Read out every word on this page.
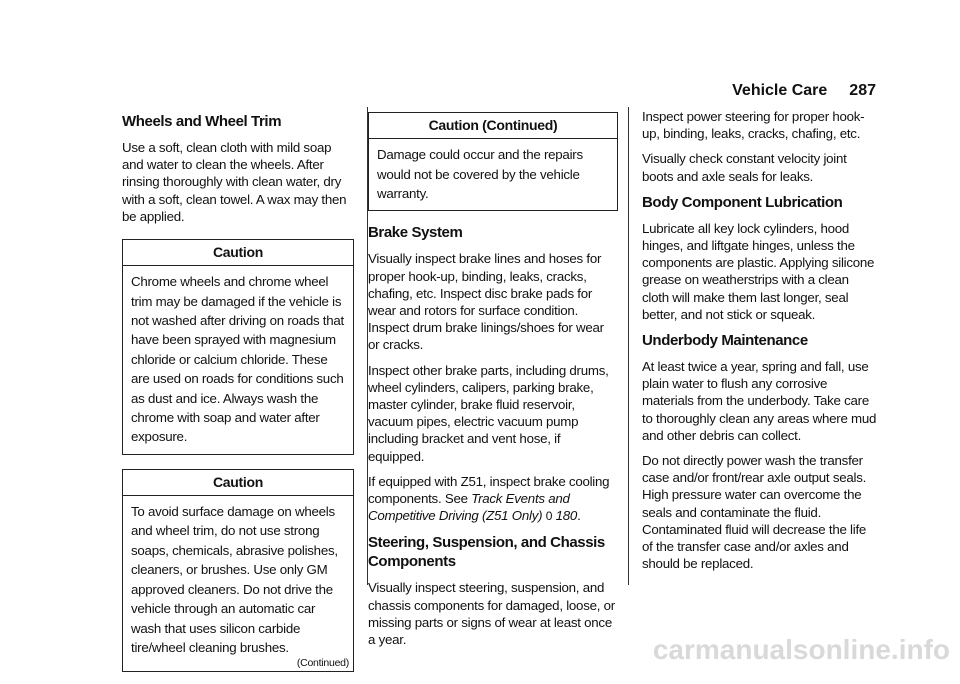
Vehicle Care 287
Wheels and Wheel Trim

Use a soft, clean cloth with mild soap and water to clean the wheels. After rinsing thoroughly with clean water, dry with a soft, clean towel. A wax may then be applied.

Caution
Chrome wheels and chrome wheel trim may be damaged if the vehicle is not washed after driving on roads that have been sprayed with magnesium chloride or calcium chloride. These are used on roads for conditions such as dust and ice. Always wash the chrome with soap and water after exposure.
Caution
To avoid surface damage on wheels and wheel trim, do not use strong soaps, chemicals, abrasive polishes, cleaners, or brushes. Use only GM approved cleaners. Do not drive the vehicle through an automatic car wash that uses silicon carbide tire/wheel cleaning brushes.
(Continued)
Caution (Continued)
Damage could occur and the repairs would not be covered by the vehicle warranty.
Brake System

Visually inspect brake lines and hoses for proper hook-up, binding, leaks, cracks, chafing, etc. Inspect disc brake pads for wear and rotors for surface condition. Inspect drum brake linings/shoes for wear or cracks.

Inspect other brake parts, including drums, wheel cylinders, calipers, parking brake, master cylinder, brake fluid reservoir, vacuum pipes, electric vacuum pump including bracket and vent hose, if equipped.

If equipped with Z51, inspect brake cooling components. See Track Events and Competitive Driving (Z51 Only) 0 180.

Steering, Suspension, and Chassis Components

Visually inspect steering, suspension, and chassis components for damaged, loose, or missing parts or signs of wear at least once a year.

Inspect power steering for proper hook-up, binding, leaks, cracks, chafing, etc.

Visually check constant velocity joint boots and axle seals for leaks.

Body Component Lubrication

Lubricate all key lock cylinders, hood hinges, and liftgate hinges, unless the components are plastic. Applying silicone grease on weatherstrips with a clean cloth will make them last longer, seal better, and not stick or squeak.

Underbody Maintenance

At least twice a year, spring and fall, use plain water to flush any corrosive materials from the underbody. Take care to thoroughly clean any areas where mud and other debris can collect.

Do not directly power wash the transfer case and/or front/rear axle output seals. High pressure water can overcome the seals and contaminate the fluid. Contaminated fluid will decrease the life of the transfer case and/or axles and should be replaced.

carmanualsonline.info
